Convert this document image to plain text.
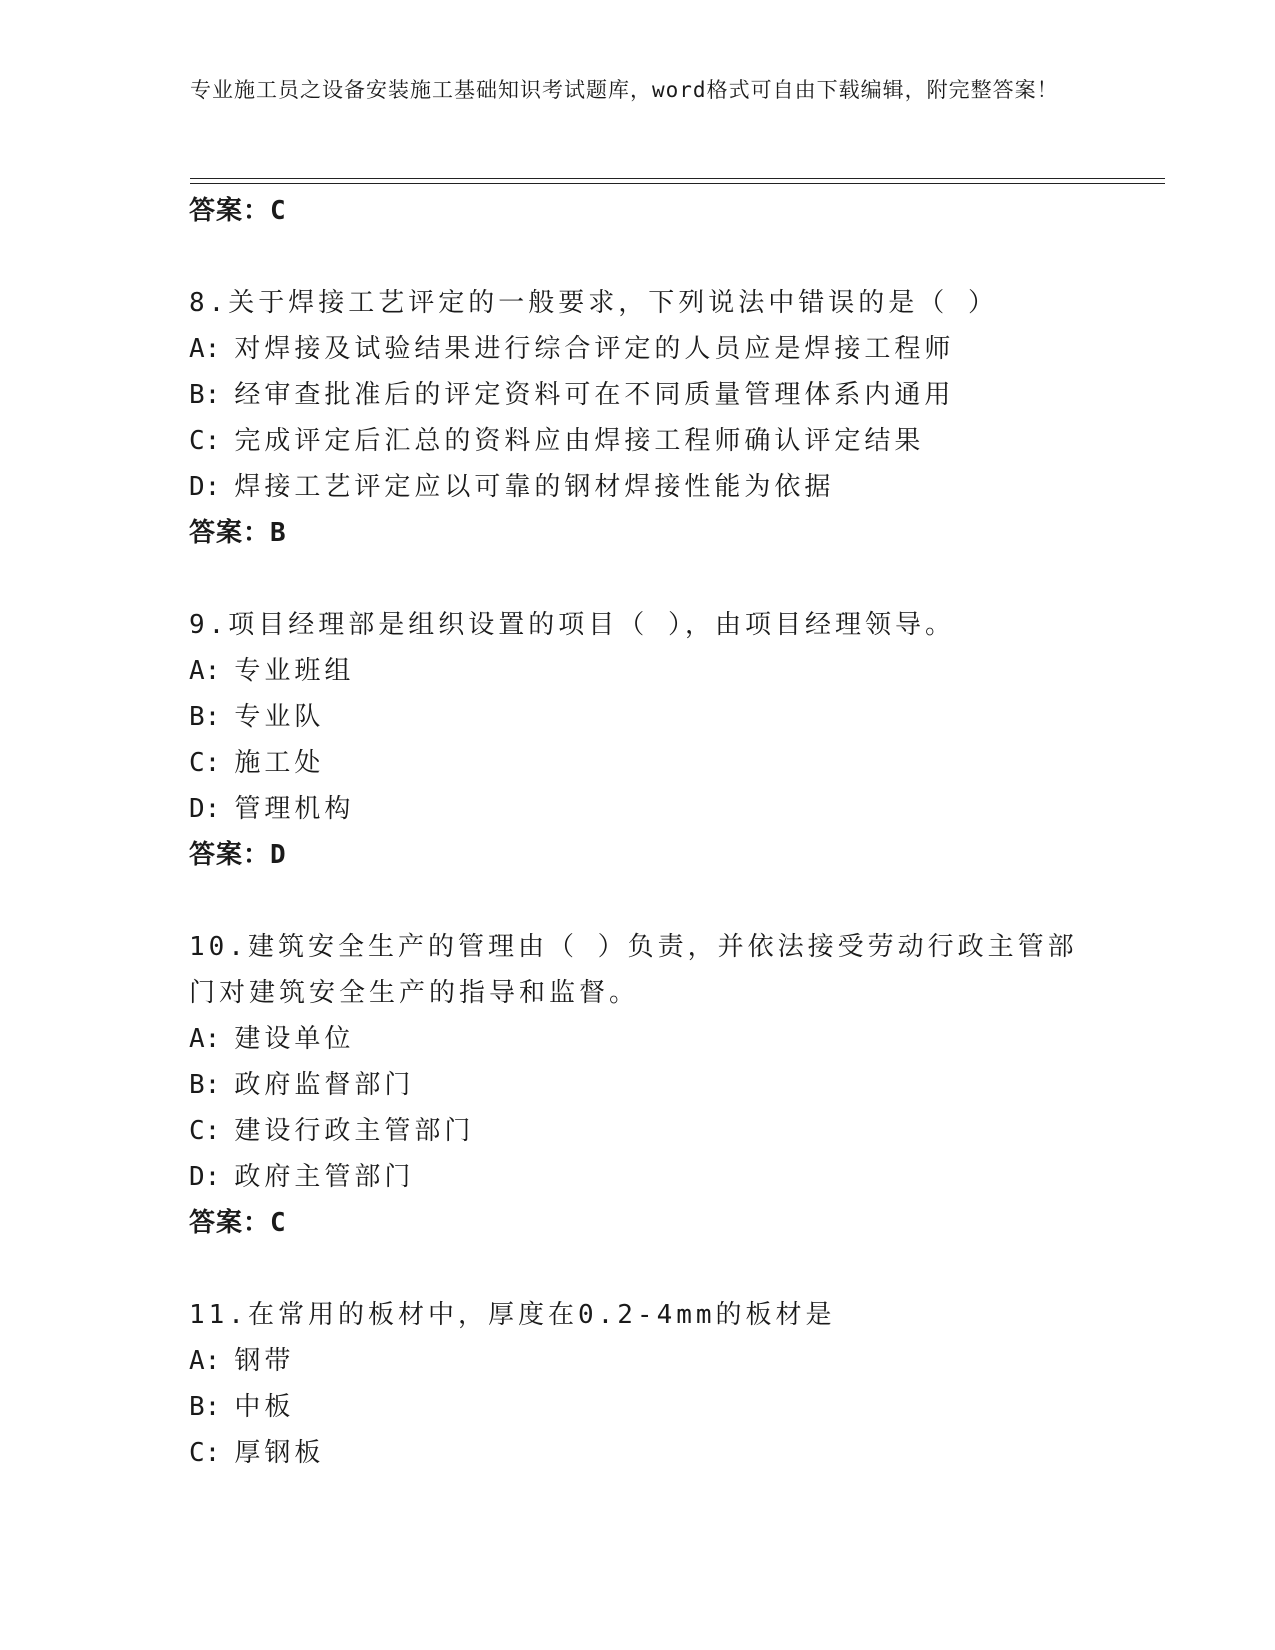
专业施工员之设备安装施工基础知识考试题库，word格式可自由下载编辑，附完整答案！
答案：C
8.关于焊接工艺评定的一般要求，下列说法中错误的是（ ）
A: 对焊接及试验结果进行综合评定的人员应是焊接工程师
B: 经审查批准后的评定资料可在不同质量管理体系内通用
C: 完成评定后汇总的资料应由焊接工程师确认评定结果
D: 焊接工艺评定应以可靠的钢材焊接性能为依据
答案：B
9.项目经理部是组织设置的项目（ ），由项目经理领导。
A: 专业班组
B: 专业队
C: 施工处
D: 管理机构
答案：D
10.建筑安全生产的管理由（ ）负责，并依法接受劳动行政主管部门对建筑安全生产的指导和监督。
A: 建设单位
B: 政府监督部门
C: 建设行政主管部门
D: 政府主管部门
答案：C
11.在常用的板材中，厚度在0.2-4mm的板材是
A: 钢带
B: 中板
C: 厚钢板
